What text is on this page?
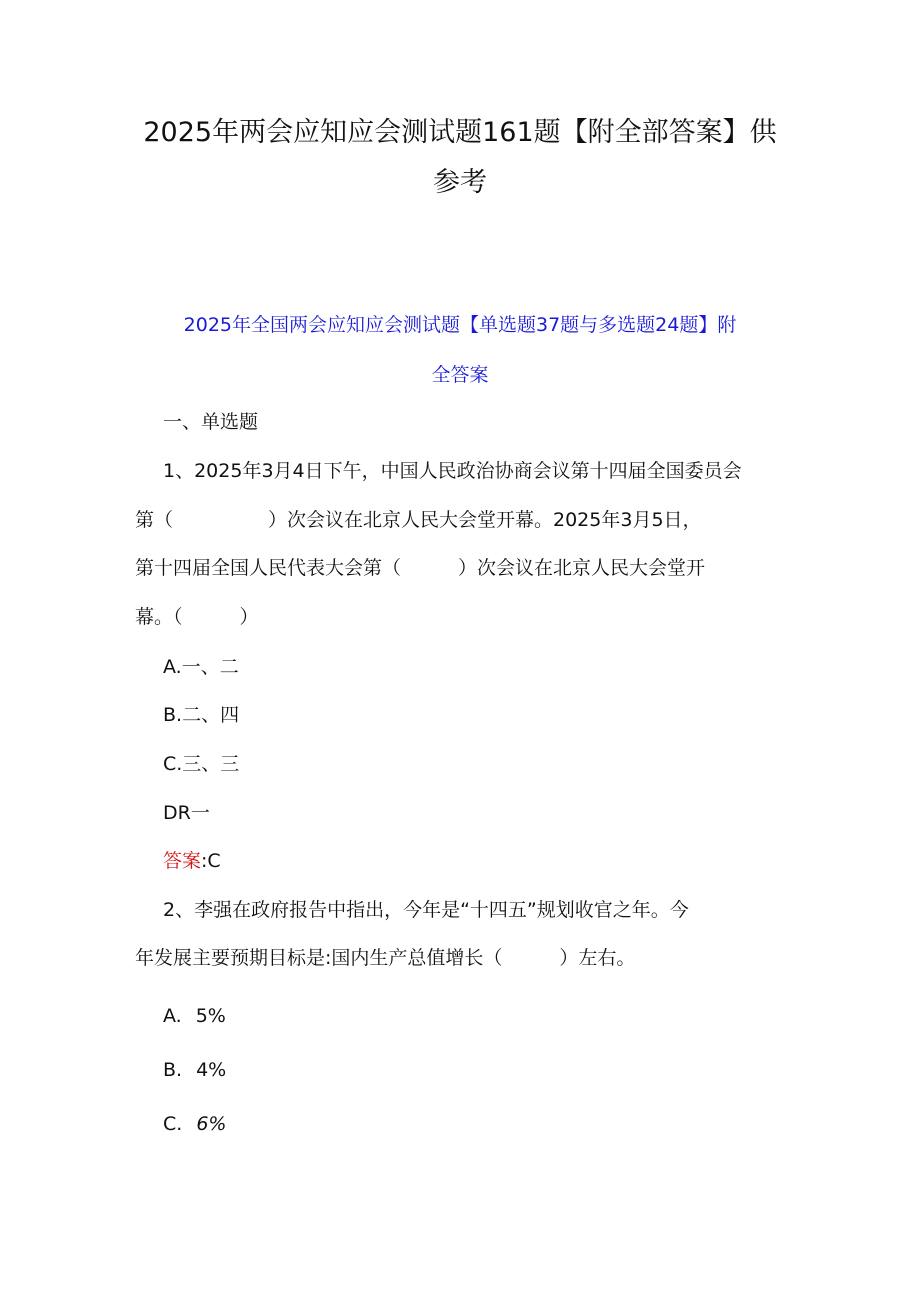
2025年两会应知应会测试题161题【附全部答案】供
参考
2025年全国两会应知应会测试题【单选题37题与多选题24题】附
全答案
一、单选题
1、2025年3月4日下午，中国人民政治协商会议第十四届全国委员会
第（　　　　　）次会议在北京人民大会堂开幕。2025年3月5日，
第十四届全国人民代表大会第（　　　）次会议在北京人民大会堂开
幕。（　　　）
A.一、二
B.二、四
C.三、三
DR一
答案:C
2、李强在政府报告中指出，今年是“十四五”规划收官之年。今
年发展主要预期目标是:国内生产总值增长（　　　）左右。
A. 5%
B. 4%
C. 6%
